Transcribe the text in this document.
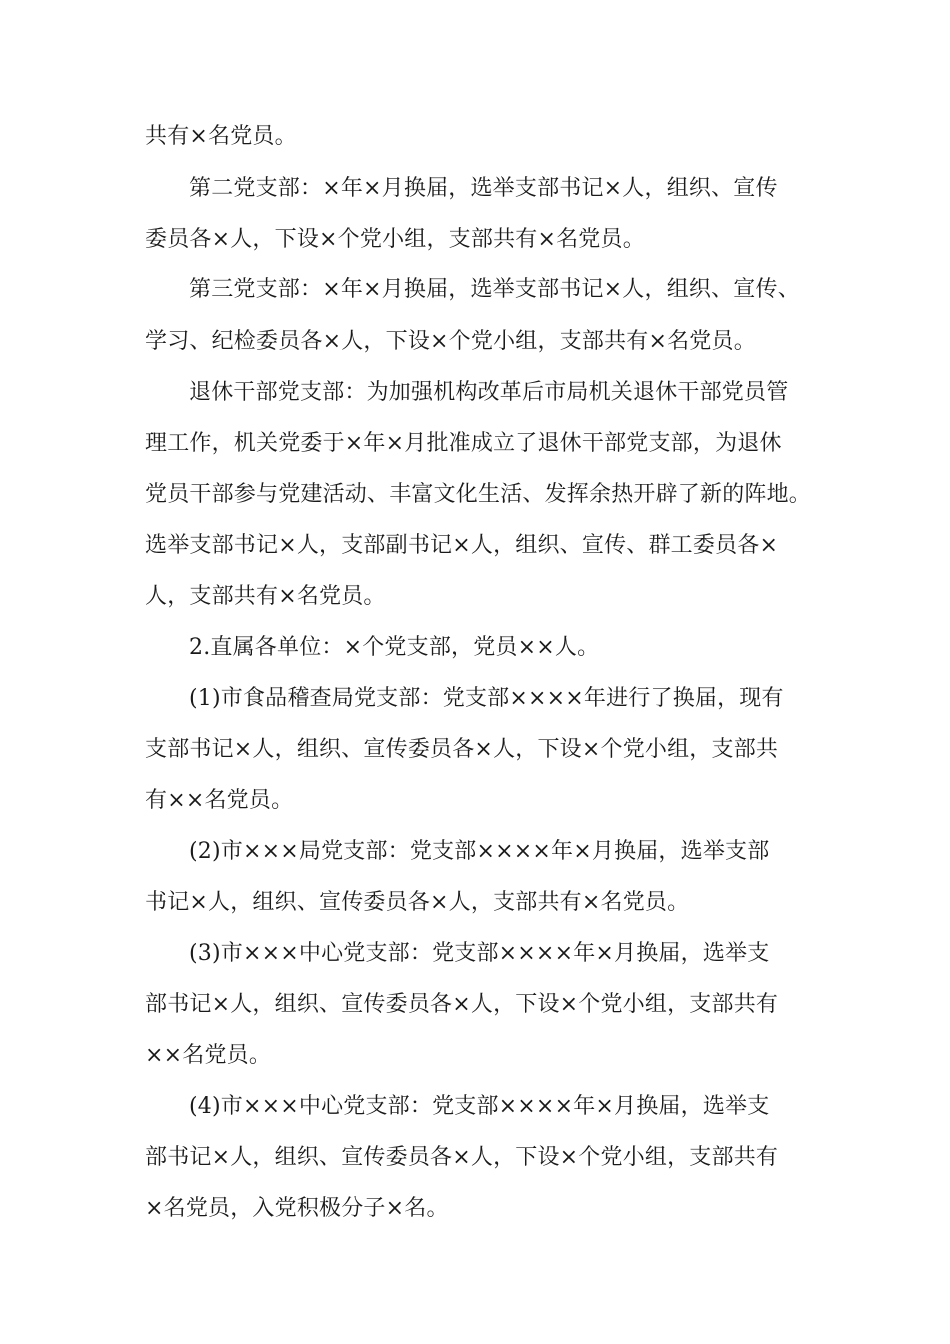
共有×名党员。
第二党支部：×年×月换届，选举支部书记×人，组织、宣传
委员各×人，下设×个党小组，支部共有×名党员。
第三党支部：×年×月换届，选举支部书记×人，组织、宣传、
学习、纪检委员各×人，下设×个党小组，支部共有×名党员。
退休干部党支部：为加强机构改革后市局机关退休干部党员管
理工作，机关党委于×年×月批准成立了退休干部党支部，为退休
党员干部参与党建活动、丰富文化生活、发挥余热开辟了新的阵地。
选举支部书记×人，支部副书记×人，组织、宣传、群工委员各×
人，支部共有×名党员。
2.直属各单位：×个党支部，党员××人。
(1)市食品稽查局党支部：党支部××××年进行了换届，现有
支部书记×人，组织、宣传委员各×人，下设×个党小组，支部共
有××名党员。
(2)市×××局党支部：党支部××××年×月换届，选举支部
书记×人，组织、宣传委员各×人，支部共有×名党员。
(3)市×××中心党支部：党支部××××年×月换届，选举支
部书记×人，组织、宣传委员各×人，下设×个党小组，支部共有
××名党员。
(4)市×××中心党支部：党支部××××年×月换届，选举支
部书记×人，组织、宣传委员各×人，下设×个党小组，支部共有
×名党员，入党积极分子×名。
